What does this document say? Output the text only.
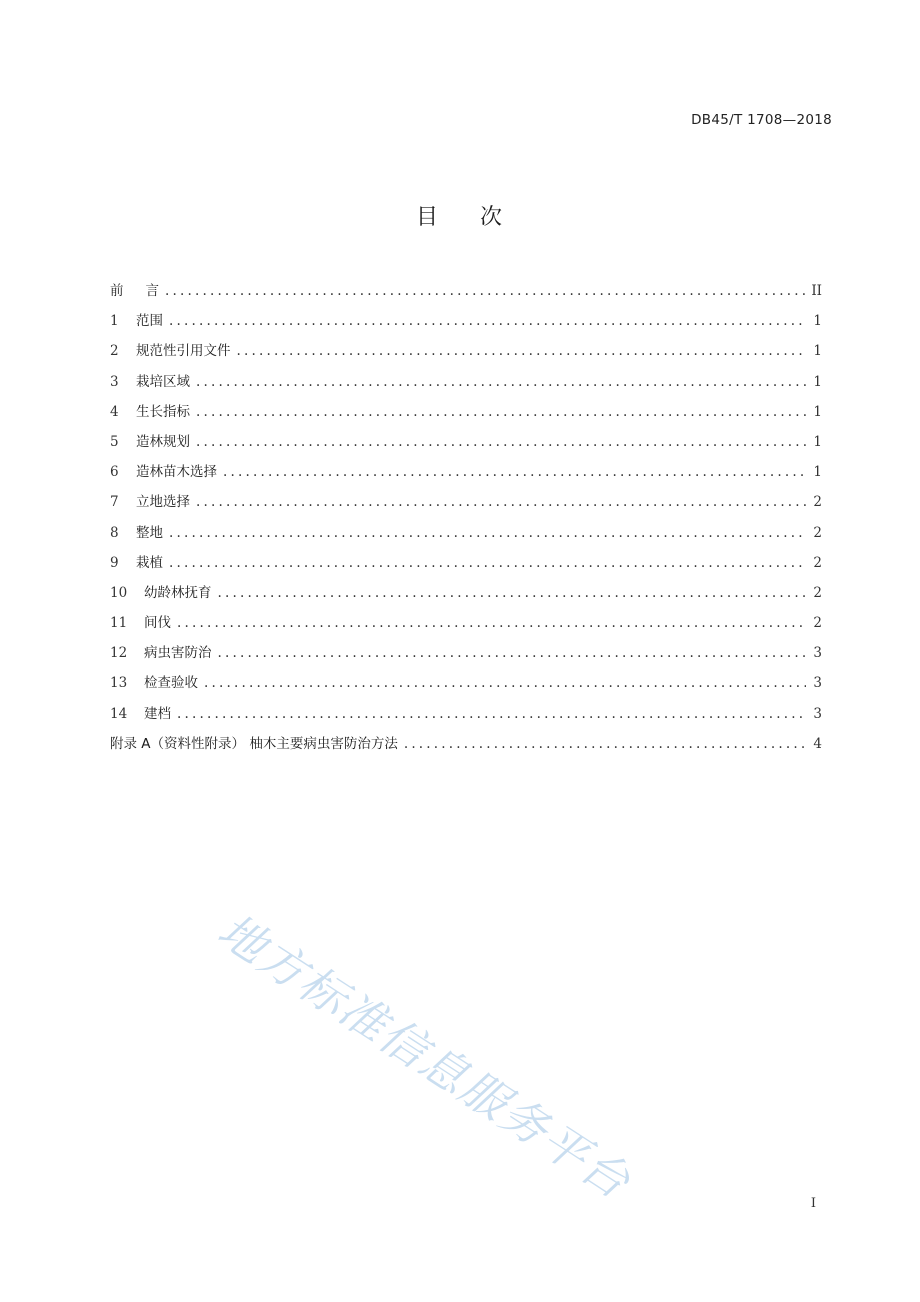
DB45/T 1708—2018
目 次
前言 .....	II
1	范围 .....	1
2	规范性引用文件 .....	1
3	栽培区域 .....	1
4	生长指标 .....	1
5	造林规划 .....	1
6	造林苗木选择 .....	1
7	立地选择 .....	2
8	整地 .....	2
9	栽植 .....	2
10	幼龄林抚育 .....	2
11	间伐 .....	2
12	病虫害防治 .....	3
13	检查验收 .....	3
14	建档 .....	3
附录 A（资料性附录） 柚木主要病虫害防治方法 .....	4
I
地方标准信息服务平台
